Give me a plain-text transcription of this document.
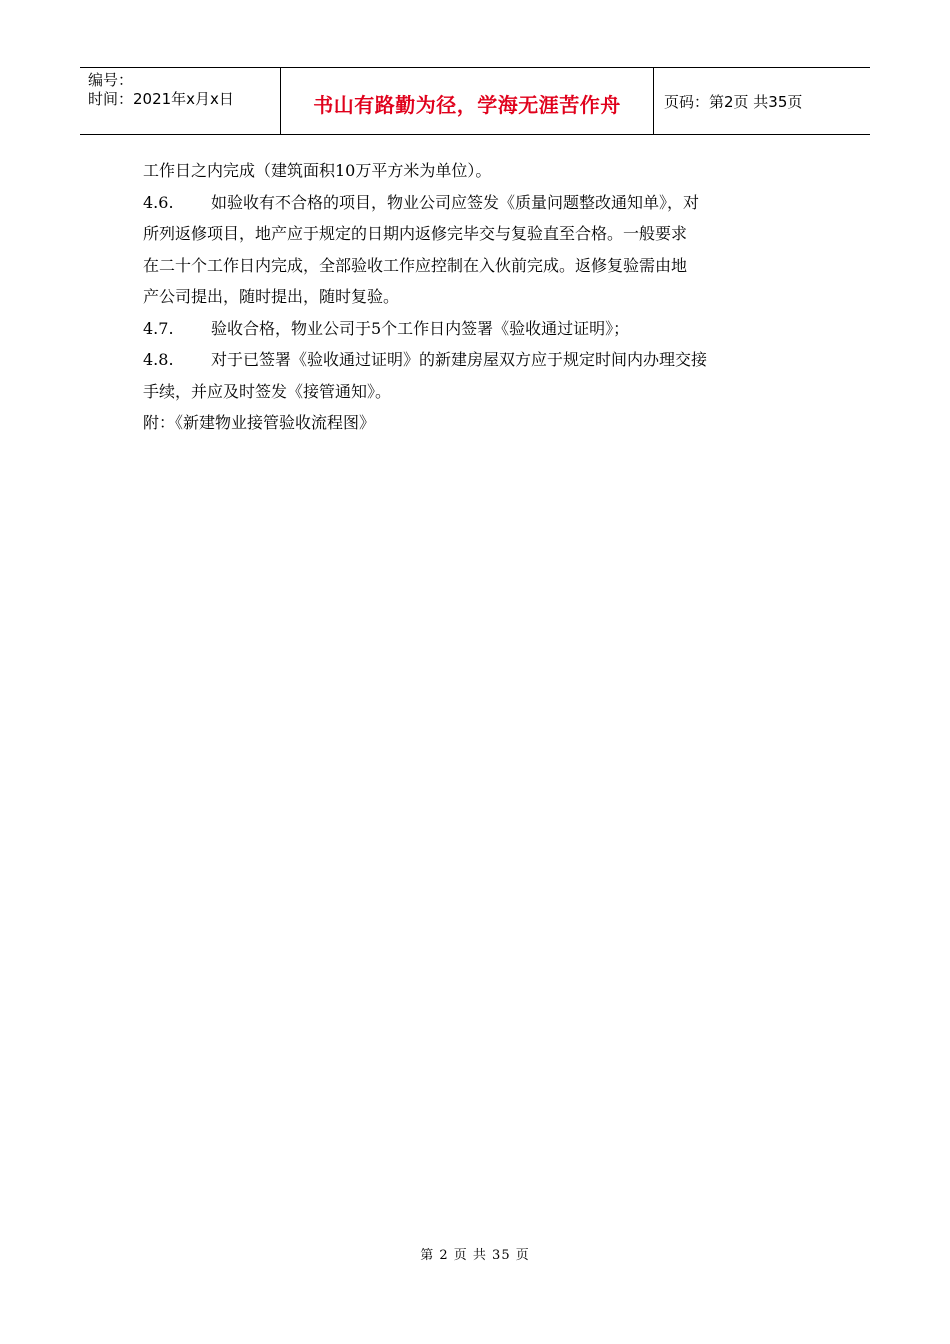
编号：
时间：2021年x月x日	书山有路勤为径，学海无涯苦作舟	页码：第2页 共35页
工作日之内完成（建筑面积10万平方米为单位）。
4.6. 如验收有不合格的项目，物业公司应签发《质量问题整改通知单》，对
所列返修项目，地产应于规定的日期内返修完毕交与复验直至合格。一般要求
在二十个工作日内完成，全部验收工作应控制在入伙前完成。返修复验需由地
产公司提出，随时提出，随时复验。
4.7. 验收合格，物业公司于5个工作日内签署《验收通过证明》；
4.8. 对于已签署《验收通过证明》的新建房屋双方应于规定时间内办理交接
手续，并应及时签发《接管通知》。
附：《新建物业接管验收流程图》
第 2 页 共 35 页
